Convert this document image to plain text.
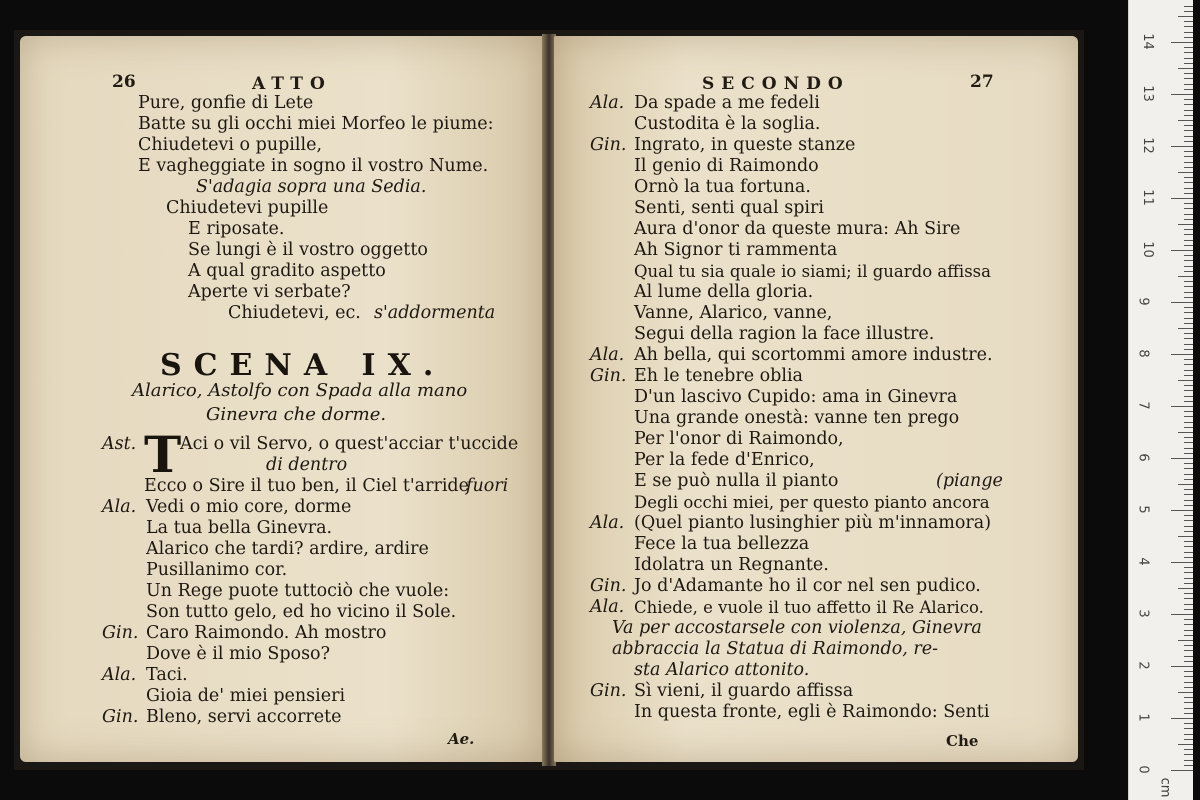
26	ATTO
SCENA IX.
Alarico, Astolfo con Spada alla mano
Ginevra che dorme.
Ae.
Pure, gonfie di Lete
Batte su gli occhi miei Morfeo le piume:
Chiudetevi o pupille,
E vagheggiate in sogno il vostro Nume.
S'adagia sopra una Sedia.
Chiudetevi pupille
E riposate.
Se lungi è il vostro oggetto
A qual gradito aspetto
Aperte vi serbate?
Chiudetevi, ec. s'addormenta
Ast. T
Aci o vil Servo, o quest'acciar t'uccide
di dentro
Ecco o Sire il tuo ben, il Ciel t'arride
fuori
Ala. Vedi o mio core, dorme
La tua bella Ginevra.
Alarico che tardi? ardire, ardire
Pusillanimo cor.
Un Rege puote tuttociò che vuole:
Son tutto gelo, ed ho vicino il Sole.
Gin. Caro Raimondo. Ah mostro
Dove è il mio Sposo?
Ala. Taci.
Gioia de' miei pensieri
Gin. Bleno, servi accorrete
SECONDO	27
Che
Ala. Da spade a me fedeli
Custodita è la soglia.
Gin. Ingrato, in queste stanze
Il genio di Raimondo
Ornò la tua fortuna.
Senti, senti qual spiri
Aura d'onor da queste mura: Ah Sire
Ah Signor ti rammenta
Qual tu sia quale io siami; il guardo affissa
Al lume della gloria.
Vanne, Alarico, vanne,
Segui della ragion la face illustre.
Ala. Ah bella, qui scortommi amore industre.
Gin. Eh le tenebre oblia
D'un lascivo Cupido: ama in Ginevra
Una grande onestà: vanne ten prego
Per l'onor di Raimondo,
Per la fede d'Enrico,
E se può nulla il pianto	(piange
Degli occhi miei, per questo pianto ancora
Ala. (Quel pianto lusinghier più m'innamora)
Fece la tua bellezza
Idolatra un Regnante.
Gin. Jo d'Adamante ho il cor nel sen pudico.
Ala. Chiede, e vuole il tuo affetto il Re Alarico.
Va per accostarsele con violenza, Ginevra
abbraccia la Statua di Raimondo, re-
sta Alarico attonito.
Gin. Sì vieni, il guardo affissa
In questa fronte, egli è Raimondo: Senti
0
1
2
3
4
5
6
7
8
9
10
11
12
13
14
cm
